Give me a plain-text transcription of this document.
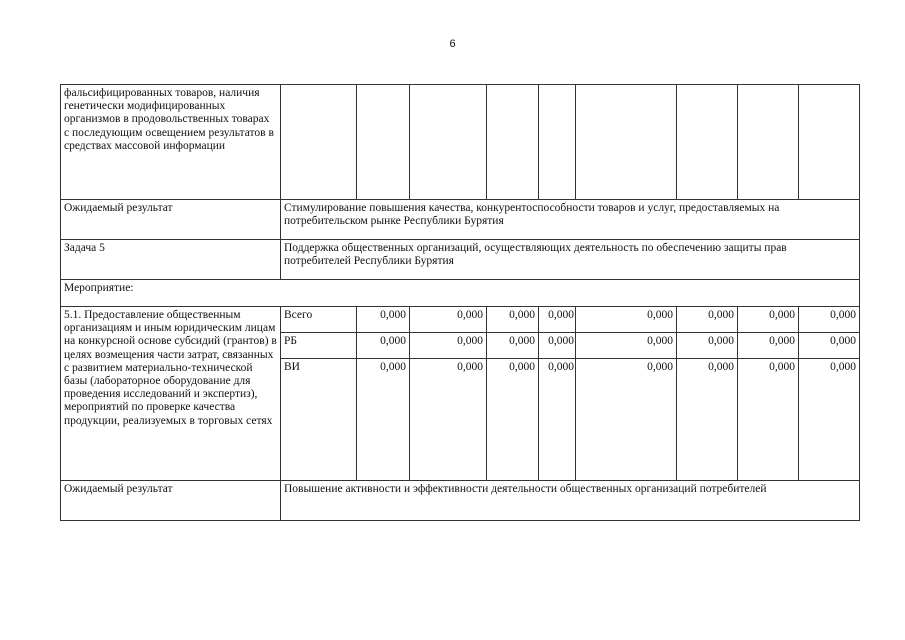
6
фальсифицированных товаров, наличия генетически модифицированных организмов в продовольственных товарах с последующим освещением результатов в средствах массовой информации									
Ожидаемый результат	Стимулирование повышения качества, конкурентоспособности товаров и услуг, предоставляемых на потребительском рынке Республики Бурятия								
Задача 5	Поддержка общественных организаций, осуществляющих деятельность по обеспечению защиты прав потребителей Республики Бурятия								
Мероприятие:									
5.1. Предоставление общественным организациям и иным юридическим лицам на конкурсной основе субсидий (грантов) в целях возмещения части затрат, связанных с развитием материально-технической базы (лабораторное оборудование для проведения исследований и экспертиз), мероприятий по проверке качества продукции, реализуемых в торговых сетях	Всего	0,000	0,000	0,000	0,000	0,000	0,000	0,000	0,000
	РБ	0,000	0,000	0,000	0,000	0,000	0,000	0,000	0,000
	ВИ	0,000	0,000	0,000	0,000	0,000	0,000	0,000	0,000
Ожидаемый результат	Повышение активности и эффективности деятельности общественных организаций потребителей								
